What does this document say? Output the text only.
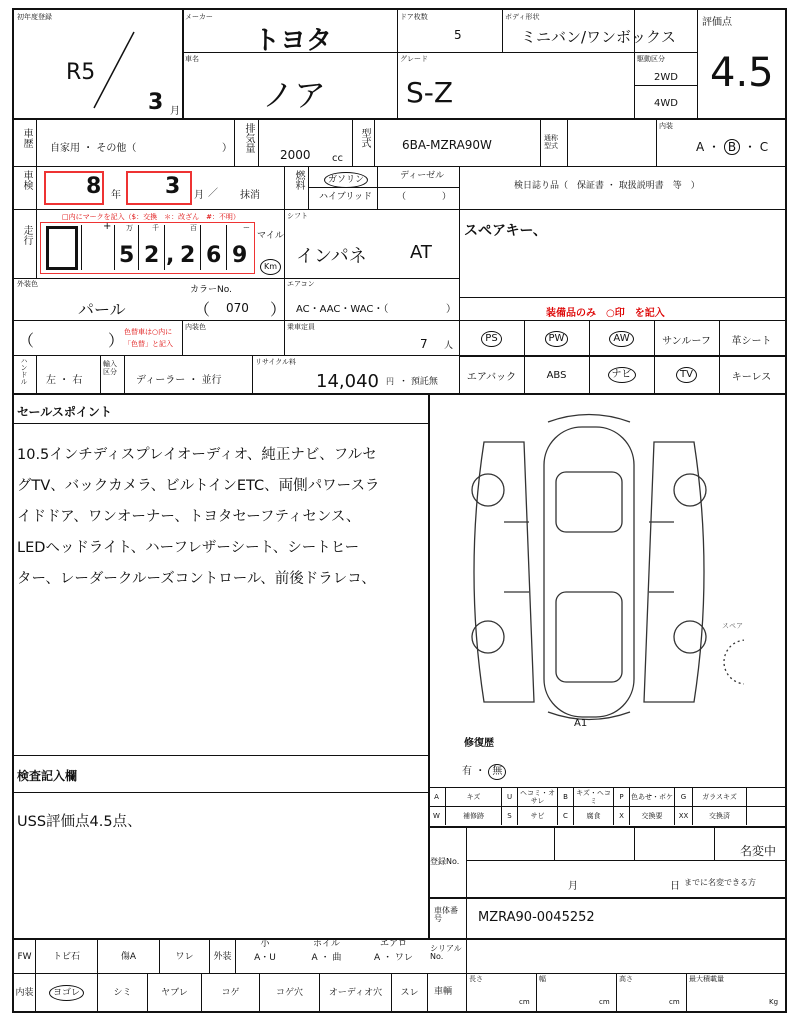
初年度登録
R5
3 月
メーカー
トヨタ
ドア枚数
5
ボディ形状
ミニバン/ワンボックス
評価点
4.5
車名
ノア
グレード
S-Z
駆動区分
2WD
4WD
車歴
自家用 ・ その他（	） 排気量
2000 cc
型式	6BA-MZRA90W	通称型式
内装
A ・ B ・ C
車検 8 年 3 月 ／ 抹消
燃料	ガソリン	ディーゼル
ハイブリッド	（　　　　）
検日誌り品（　保証書 ・ 取扱説明書　等　）
走行
□内にマークを記入（$：交換　＊：改ざん　#：不明）
+ 万	千	百	ー
5 2 , 2 6 9
マイル
Km
シフト
インパネ AT
スペアキー、
外装色
パール
カラーNo.
（ 070 ）
エアコン
AC・AAC・WAC・（	）	装備品のみ　○印　を記入
（	） 色替車は○内に
「色替」と記入
内装色	乗車定員
7 人
ハンドル 左 ・ 右
輸入区分
ディーラー ・ 並行
リサイクル料
14,040 円 ・ 預託無
PS	PW	AW	サンルーフ 革シート
エアバック	ABS	ナビ	TV	キーレス
セールスポイント
10.5インチディスプレイオーディオ、純正ナビ、フルセ
グTV、バックカメラ、ビルトインETC、両側パワースラ
イドドア、ワンオーナー、トヨタセーフティセンス、
LEDヘッドライト、ハーフレザーシート、シートヒー
ター、レーダークルーズコントロール、前後ドラレコ、
スペア
A1
修復歴
有 ・ 無
A	キズ	U	ヘコミ・オサレ	B	キズ・ヘコミ	P	色あせ・ボケ	G	ガラスキズ
W	補修跡	S	サビ	C	腐食	X	交換要	XX	交換済
登録No.
名変中
月	日 までに名変できる方
車体番号	MZRA90-0045252
検査記入欄
USS評価点4.5点、
FW	トビ石	傷A	ワレ	外装
小
A・U
ホイル
A ・ 曲
エアロ
A ・ ワレ
内装	ヨゴレ	シミ	ヤブレ	コゲ	コゲ穴	オーディオ穴 スレ
シリアルNo.
車輌
長さ
cm
幅
cm
高さ
cm
最大積載量
Kg
